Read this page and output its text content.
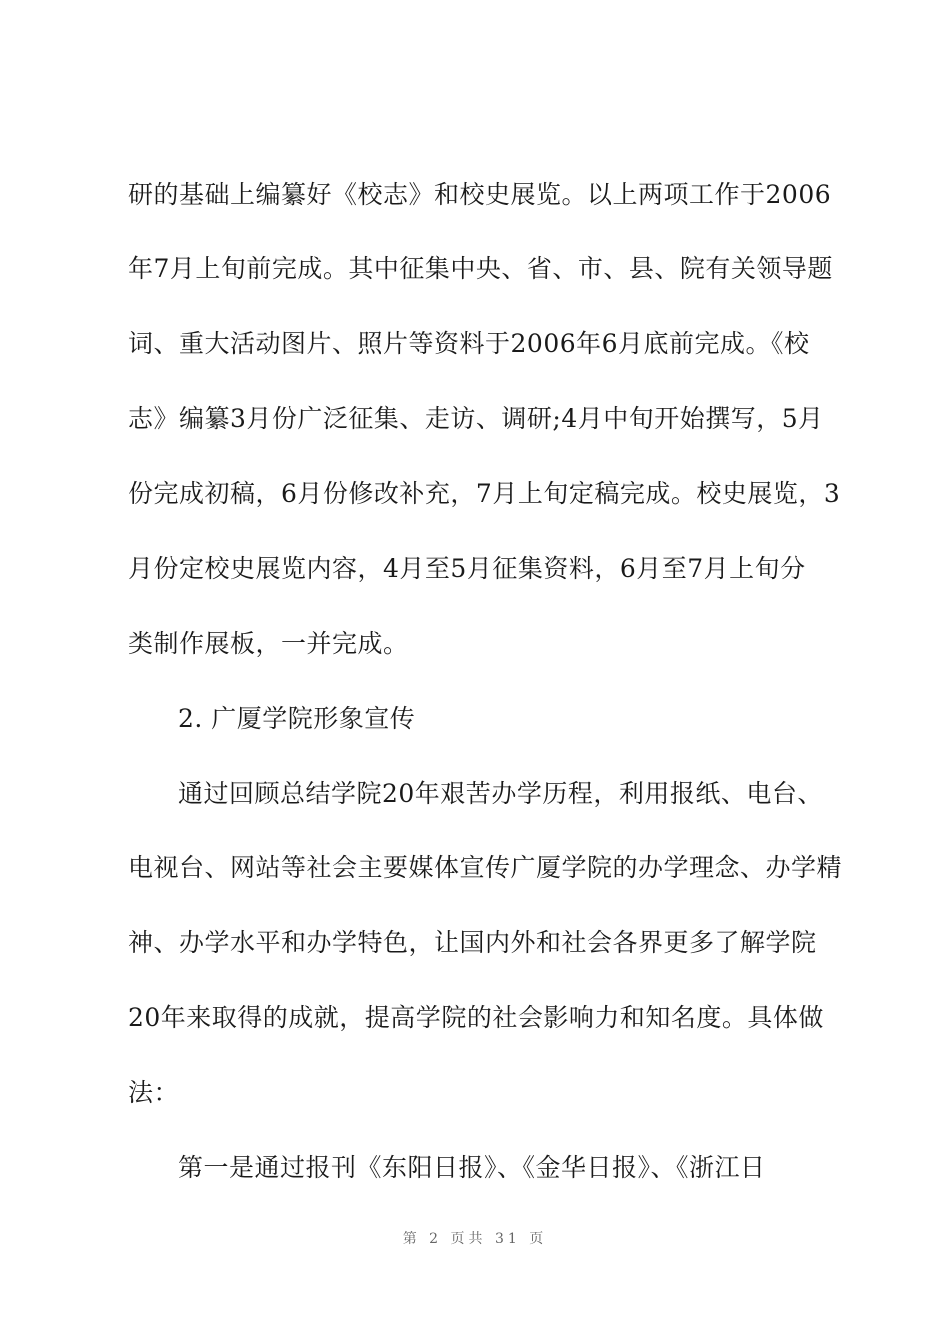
研的基础上编纂好《校志》和校史展览。以上两项工作于2006
年7月上旬前完成。其中征集中央、省、市、县、院有关领导题
词、重大活动图片、照片等资料于2006年6月底前完成。《校
志》编纂3月份广泛征集、走访、调研;4月中旬开始撰写，5月
份完成初稿，6月份修改补充，7月上旬定稿完成。校史展览，3
月份定校史展览内容，4月至5月征集资料，6月至7月上旬分
类制作展板，一并完成。
2. 广厦学院形象宣传
通过回顾总结学院20年艰苦办学历程，利用报纸、电台、
电视台、网站等社会主要媒体宣传广厦学院的办学理念、办学精
神、办学水平和办学特色，让国内外和社会各界更多了解学院
20年来取得的成就，提高学院的社会影响力和知名度。具体做
法：
第一是通过报刊《东阳日报》、《金华日报》、《浙江日
第 2 页共 31 页
